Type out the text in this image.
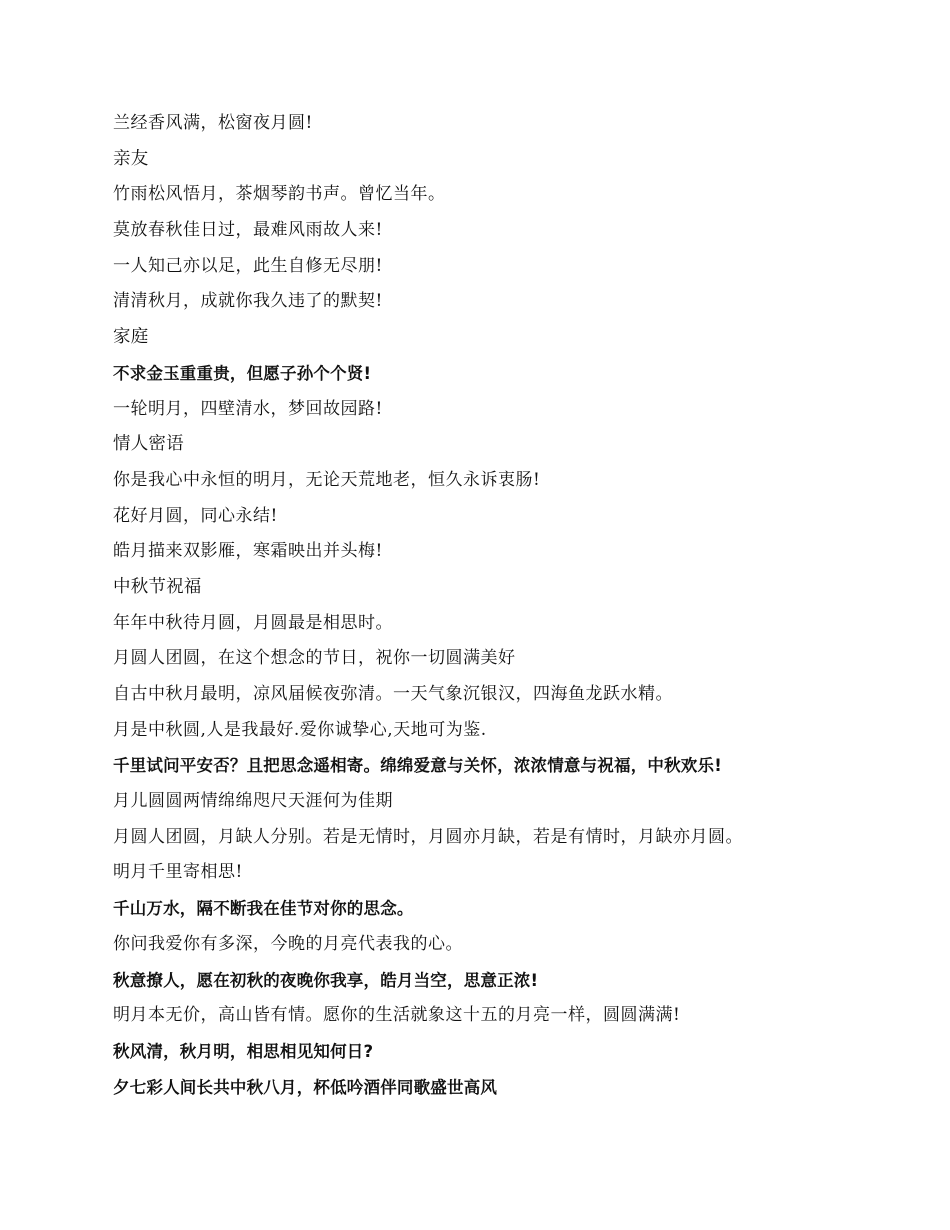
兰经香风满，松窗夜月圆!
亲友
竹雨松风悟月，茶烟琴韵书声。曾忆当年。
莫放春秋佳日过，最难风雨故人来!
一人知己亦以足，此生自修无尽朋!
清清秋月，成就你我久违了的默契!
家庭
不求金玉重重贵，但愿子孙个个贤!
一轮明月，四壁清水，梦回故园路!
情人密语
你是我心中永恒的明月，无论天荒地老，恒久永诉衷肠!
花好月圆，同心永结!
皓月描来双影雁，寒霜映出并头梅!
中秋节祝福
年年中秋待月圆，月圆最是相思时。
月圆人团圆，在这个想念的节日，祝你一切圆满美好
自古中秋月最明，凉风届候夜弥清。一天气象沉银汉，四海鱼龙跃水精。
月是中秋圆,人是我最好.爱你诚挚心,天地可为鉴.
千里试问平安否？且把思念遥相寄。绵绵爱意与关怀，浓浓情意与祝福，中秋欢乐!
月儿圆圆两情绵绵咫尺天涯何为佳期
月圆人团圆，月缺人分别。若是无情时，月圆亦月缺，若是有情时，月缺亦月圆。
明月千里寄相思!
千山万水，隔不断我在佳节对你的思念。
你问我爱你有多深，今晚的月亮代表我的心。
秋意撩人，愿在初秋的夜晚你我享，皓月当空，思意正浓!
明月本无价，高山皆有情。愿你的生活就象这十五的月亮一样，圆圆满满!
秋风清，秋月明，相思相见知何日?
夕七彩人间长共中秋八月，杯低吟酒伴同歌盛世高风
